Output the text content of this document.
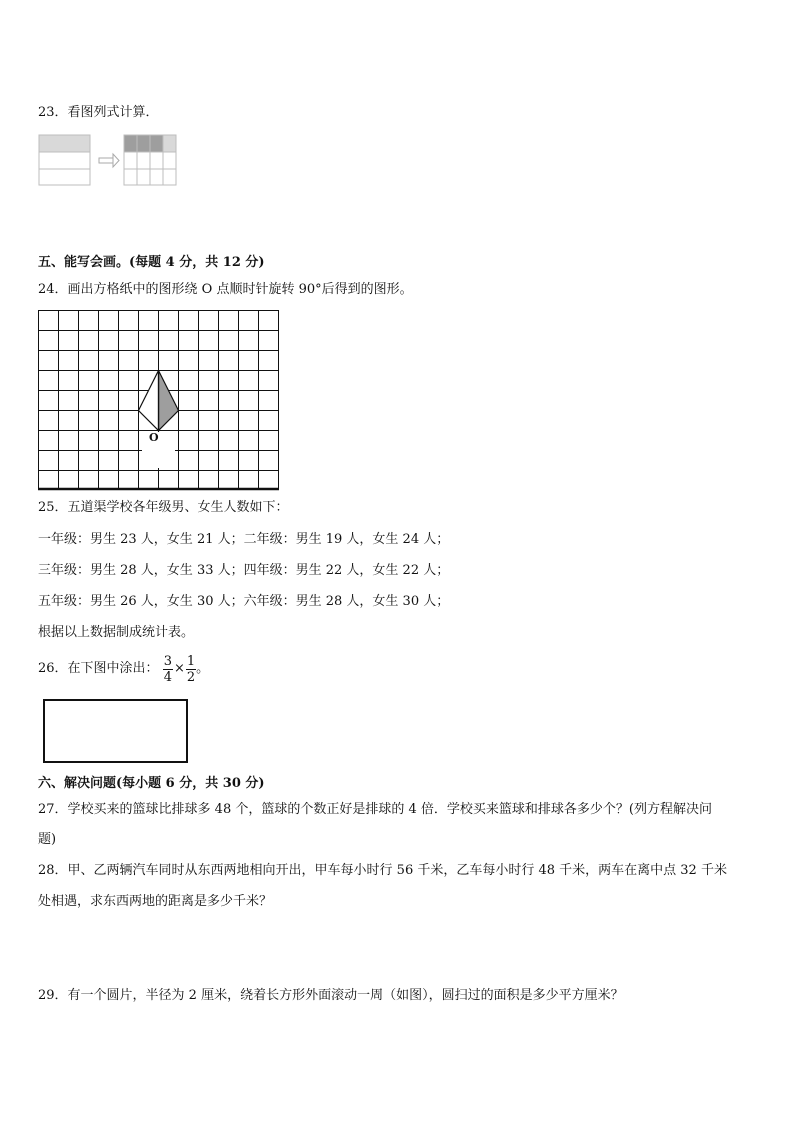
23．看图列式计算．
五、能写会画。(每题 4 分，共 12 分)
24．画出方格纸中的图形绕 O 点顺时针旋转 90°后得到的图形。
O
25．五道渠学校各年级男、女生人数如下：
一年级：男生 23 人，女生 21 人；二年级：男生 19 人，女生 24 人；
三年级：男生 28 人，女生 33 人；四年级：男生 22 人，女生 22 人；
五年级：男生 26 人，女生 30 人；六年级：男生 28 人，女生 30 人；
根据以上数据制成统计表。
26．在下图中涂出： $\frac{3}{4} \times \frac{1}{2}$ 。
六、解决问题(每小题 6 分，共 30 分)
27．学校买来的篮球比排球多 48 个，篮球的个数正好是排球的 4 倍．学校买来篮球和排球各多少个？(列方程解决问
题)
28．甲、乙两辆汽车同时从东西两地相向开出，甲车每小时行 56 千米，乙车每小时行 48 千米，两车在离中点 32 千米
处相遇，求东西两地的距离是多少千米？
29．有一个圆片，半径为 2 厘米，绕着长方形外面滚动一周（如图），圆扫过的面积是多少平方厘米？
